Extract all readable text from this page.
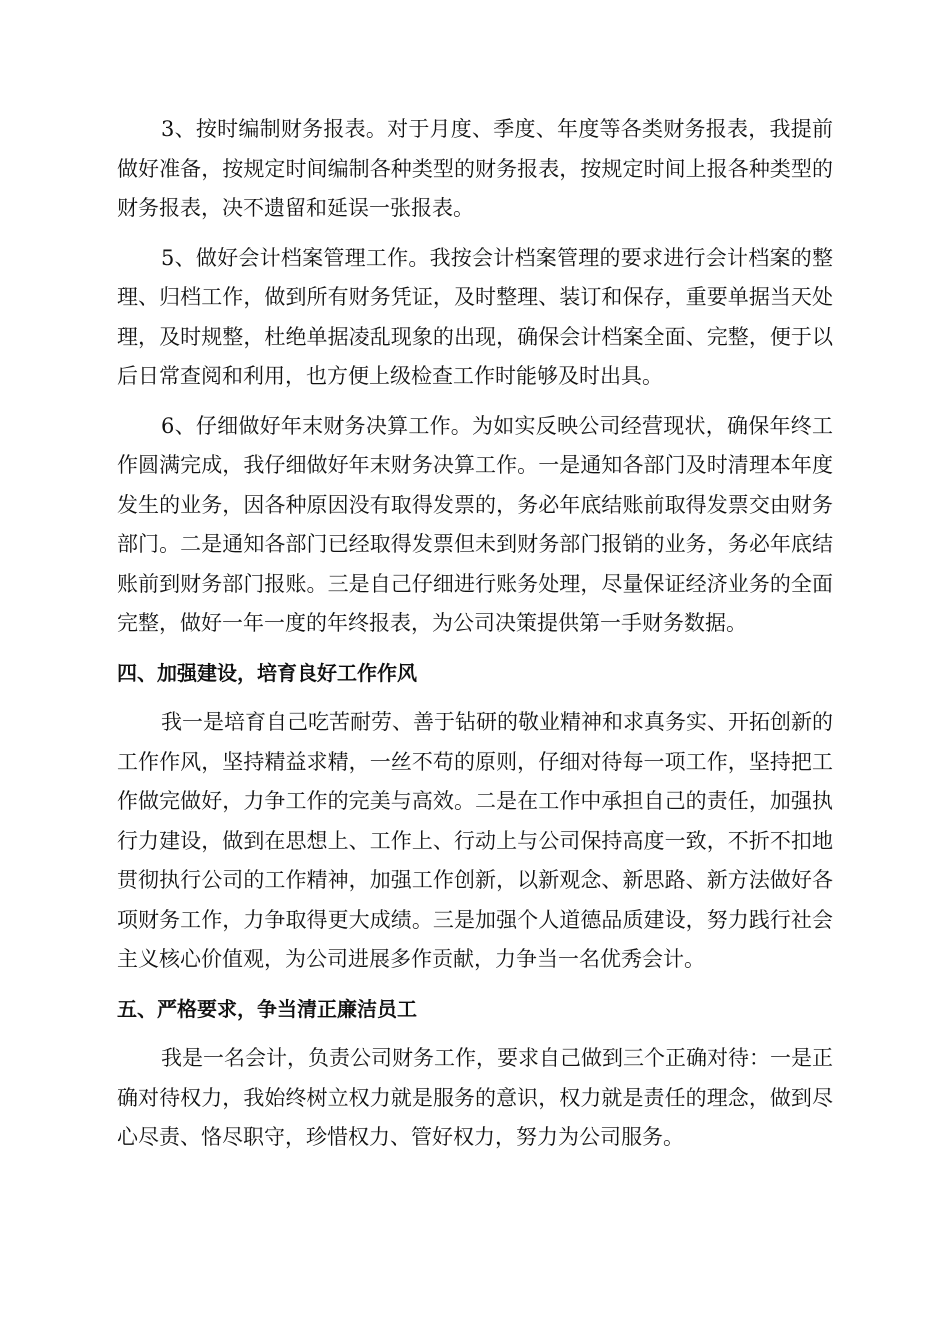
3、按时编制财务报表。对于月度、季度、年度等各类财务报表，我提前做好准备，按规定时间编制各种类型的财务报表，按规定时间上报各种类型的财务报表，决不遗留和延误一张报表。

5、做好会计档案管理工作。我按会计档案管理的要求进行会计档案的整理、归档工作，做到所有财务凭证，及时整理、装订和保存，重要单据当天处理，及时规整，杜绝单据凌乱现象的出现，确保会计档案全面、完整，便于以后日常查阅和利用，也方便上级检查工作时能够及时出具。

6、仔细做好年末财务决算工作。为如实反映公司经营现状，确保年终工作圆满完成，我仔细做好年末财务决算工作。一是通知各部门及时清理本年度发生的业务，因各种原因没有取得发票的，务必年底结账前取得发票交由财务部门。二是通知各部门已经取得发票但未到财务部门报销的业务，务必年底结账前到财务部门报账。三是自己仔细进行账务处理，尽量保证经济业务的全面完整，做好一年一度的年终报表，为公司决策提供第一手财务数据。

四、加强建设，培育良好工作作风

我一是培育自己吃苦耐劳、善于钻研的敬业精神和求真务实、开拓创新的工作作风，坚持精益求精，一丝不苟的原则，仔细对待每一项工作，坚持把工作做完做好，力争工作的完美与高效。二是在工作中承担自己的责任，加强执行力建设，做到在思想上、工作上、行动上与公司保持高度一致，不折不扣地贯彻执行公司的工作精神，加强工作创新，以新观念、新思路、新方法做好各项财务工作，力争取得更大成绩。三是加强个人道德品质建设，努力践行社会主义核心价值观，为公司进展多作贡献，力争当一名优秀会计。

五、严格要求，争当清正廉洁员工

我是一名会计，负责公司财务工作，要求自己做到三个正确对待：一是正确对待权力，我始终树立权力就是服务的意识，权力就是责任的理念，做到尽心尽责、恪尽职守，珍惜权力、管好权力，努力为公司服务。
